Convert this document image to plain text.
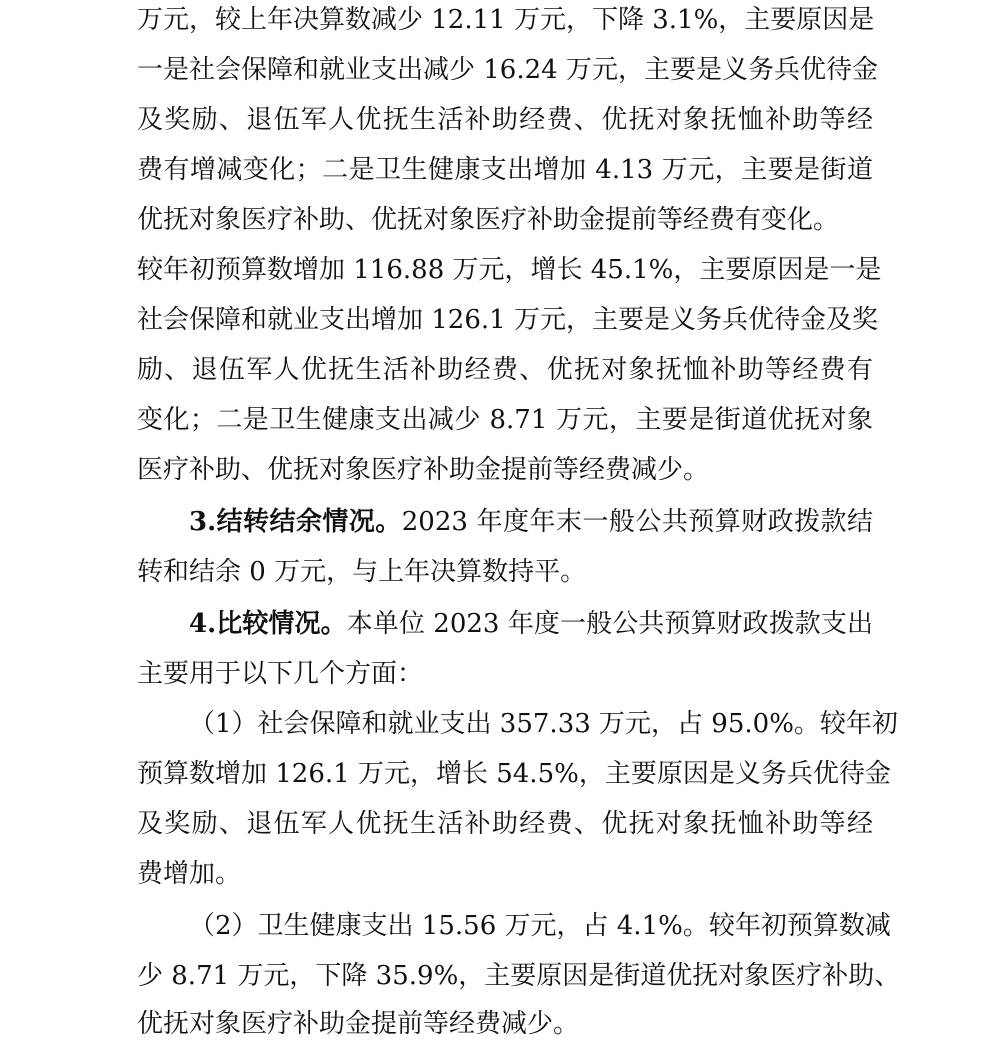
万元，较上年决算数减少 12.11 万元，下降 3.1%，主要原因是
一是社会保障和就业支出减少 16.24 万元，主要是义务兵优待金
及奖励、退伍军人优抚生活补助经费、优抚对象抚恤补助等经
费有增减变化；二是卫生健康支出增加 4.13 万元，主要是街道
优抚对象医疗补助、优抚对象医疗补助金提前等经费有变化。
较年初预算数增加 116.88 万元，增长 45.1%，主要原因是一是
社会保障和就业支出增加 126.1 万元，主要是义务兵优待金及奖
励、退伍军人优抚生活补助经费、优抚对象抚恤补助等经费有
变化；二是卫生健康支出减少 8.71 万元，主要是街道优抚对象
医疗补助、优抚对象医疗补助金提前等经费减少。
3.结转结余情况。2023 年度年末一般公共预算财政拨款结
转和结余 0 万元，与上年决算数持平。
4.比较情况。本单位 2023 年度一般公共预算财政拨款支出
主要用于以下几个方面：
（1）社会保障和就业支出 357.33 万元，占 95.0%。较年初
预算数增加 126.1 万元，增长 54.5%，主要原因是义务兵优待金
及奖励、退伍军人优抚生活补助经费、优抚对象抚恤补助等经
费增加。
（2）卫生健康支出 15.56 万元，占 4.1%。较年初预算数减
少 8.71 万元，下降 35.9%，主要原因是街道优抚对象医疗补助、
优抚对象医疗补助金提前等经费减少。
